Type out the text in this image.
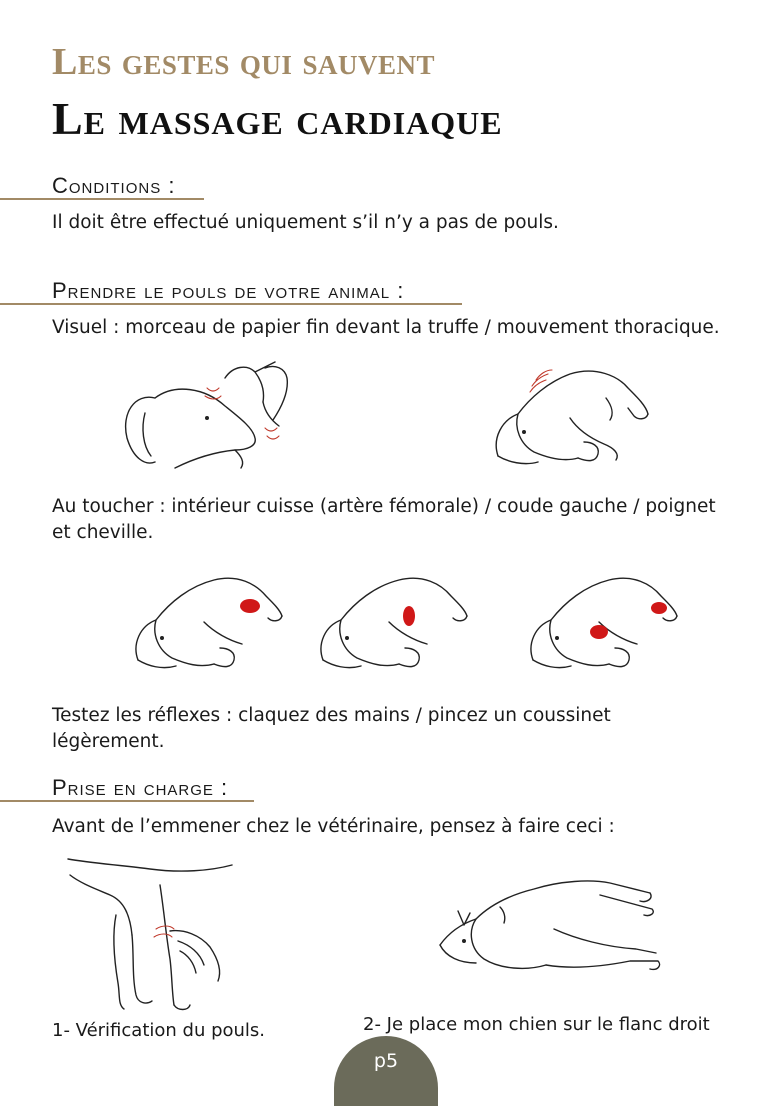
Les gestes qui sauvent
Le massage cardiaque
Conditions :
Il doit être effectué uniquement s’il n’y a pas de pouls.
Prendre le pouls de votre animal :
Visuel : morceau de papier fin devant la truffe / mouvement thoracique.
Au toucher : intérieur cuisse (artère fémorale) / coude gauche / poignet
et cheville.
Testez les réflexes : claquez des mains / pincez un coussinet
légèrement.
Prise en charge :
Avant de l’emmener chez le vétérinaire, pensez à faire ceci :
1- Vérification du pouls.	2- Je place mon chien sur le flanc droit
p5
